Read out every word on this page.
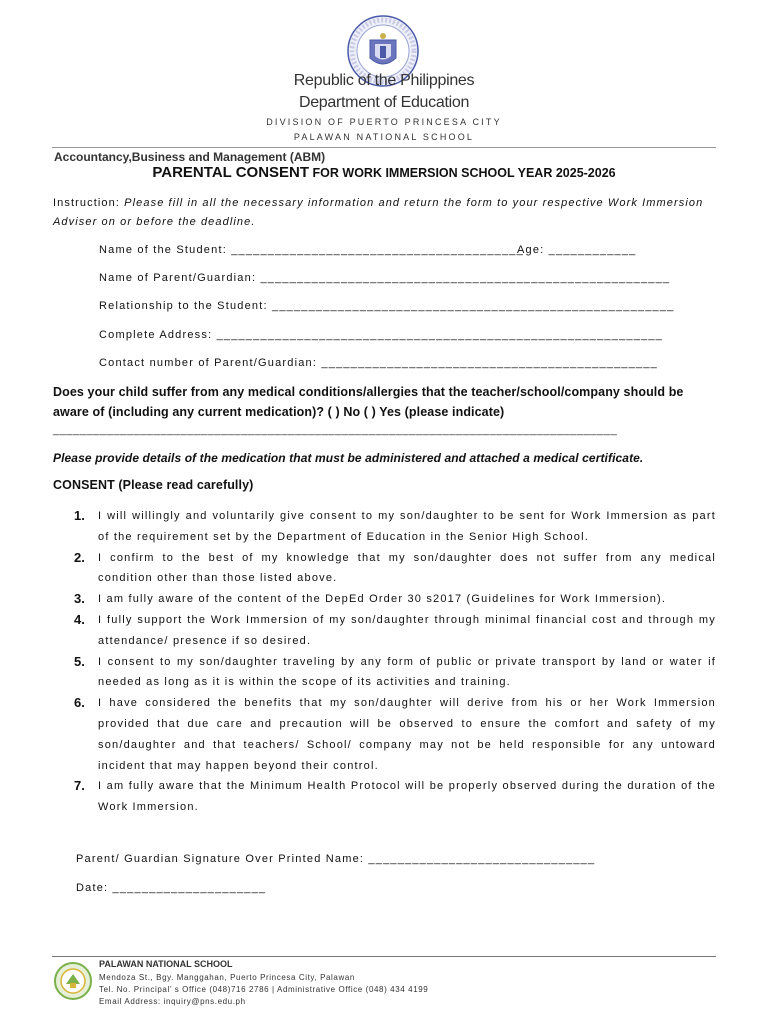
Republic of the Philippines
Department of Education
DIVISION OF PUERTO PRINCESA CITY
PALAWAN NATIONAL SCHOOL
Accountancy,Business and Management (ABM)
PARENTAL CONSENT FOR WORK IMMERSION SCHOOL YEAR 2025-2026
Instruction: Please fill in all the necessary information and return the form to your respective Work Immersion Adviser on or before the deadline.
Name of the Student: ________________________________________
Age: ____________
Name of Parent/Guardian: ________________________________________________________
Relationship to the Student: _______________________________________________________
Complete Address: _____________________________________________________________
Contact number of Parent/Guardian: ______________________________________________
Does your child suffer from any medical conditions/allergies that the teacher/school/company should be aware of (including any current medication)? ( ) No ( ) Yes (please indicate)
____________________________________________________________________________________
Please provide details of the medication that must be administered and attached a medical certificate.
CONSENT (Please read carefully)
1. I will willingly and voluntarily give consent to my son/daughter to be sent for Work Immersion as part of the requirement set by the Department of Education in the Senior High School.
2. I confirm to the best of my knowledge that my son/daughter does not suffer from any medical condition other than those listed above.
3. I am fully aware of the content of the DepEd Order 30 s2017 (Guidelines for Work Immersion).
4. I fully support the Work Immersion of my son/daughter through minimal financial cost and through my attendance/ presence if so desired.
5. I consent to my son/daughter traveling by any form of public or private transport by land or water if needed as long as it is within the scope of its activities and training.
6. I have considered the benefits that my son/daughter will derive from his or her Work Immersion provided that due care and precaution will be observed to ensure the comfort and safety of my son/daughter and that teachers/ School/ company may not be held responsible for any untoward incident that may happen beyond their control.
7. I am fully aware that the Minimum Health Protocol will be properly observed during the duration of the Work Immersion.
Parent/ Guardian Signature Over Printed Name: _______________________________
Date: _____________________
PALAWAN NATIONAL SCHOOL
Mendoza St., Bgy. Manggahan, Puerto Princesa City, Palawan
Tel. No. Principal’ s Office (048)716 2786 | Administrative Office (048) 434 4199
Email Address: inquiry@pns.edu.ph
